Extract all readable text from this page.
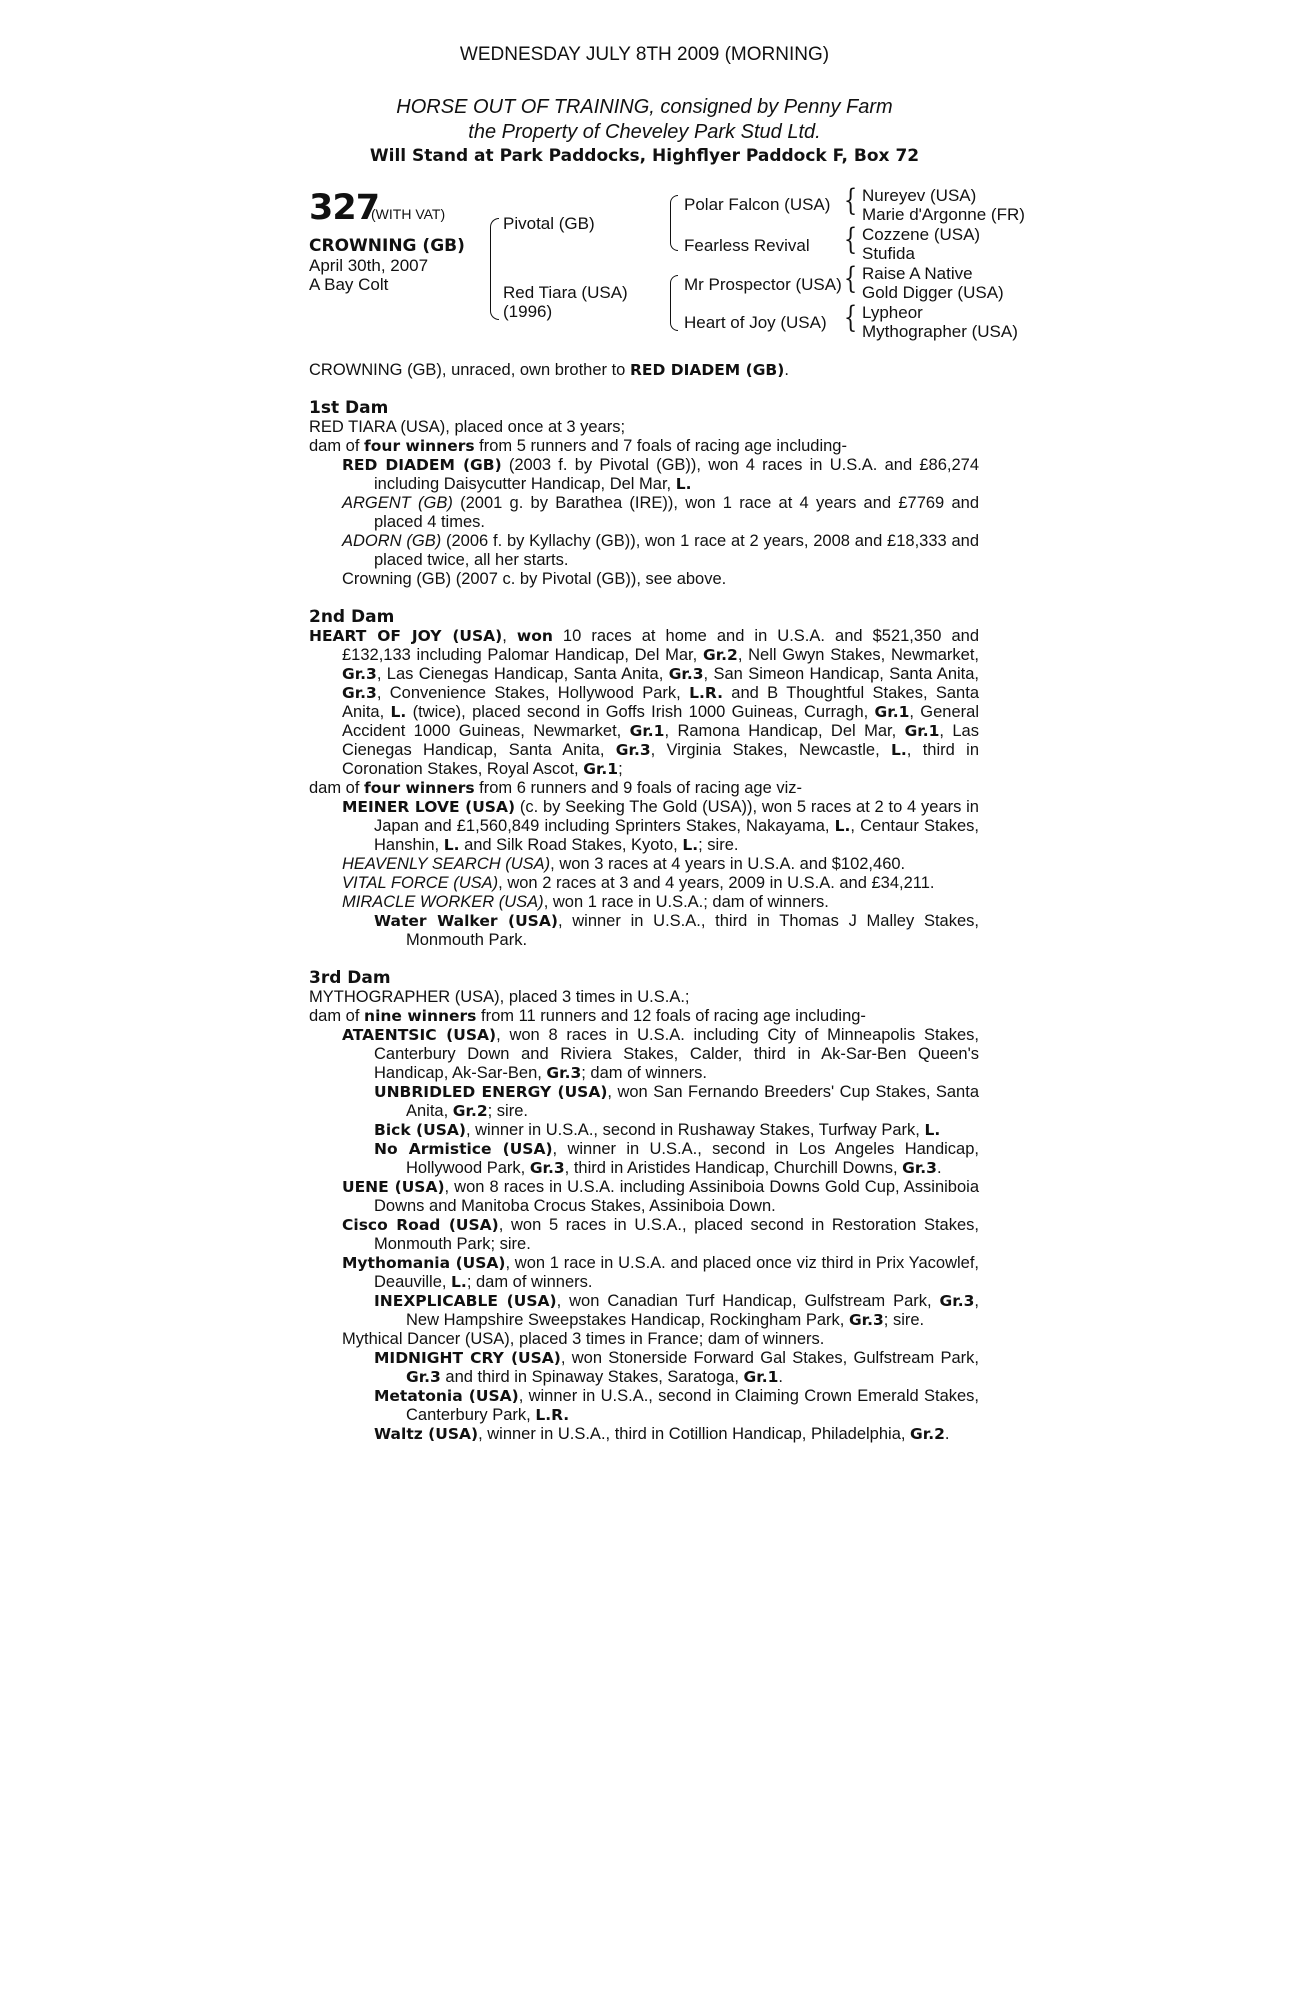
WEDNESDAY JULY 8TH 2009 (MORNING)
HORSE OUT OF TRAINING, consigned by Penny Farm
the Property of Cheveley Park Stud Ltd.
Will Stand at Park Paddocks, Highflyer Paddock F, Box 72
327
(WITH VAT)
CROWNING (GB)
April 30th, 2007
A Bay Colt
Pivotal (GB)
Red Tiara (USA)
(1996)
Polar Falcon (USA)
Fearless Revival
Mr Prospector (USA)
Heart of Joy (USA)
{
{
{
{
Nureyev (USA)
Marie d'Argonne (FR)
Cozzene (USA)
Stufida
Raise A Native
Gold Digger (USA)
Lypheor
Mythographer (USA)
CROWNING (GB), unraced, own brother to RED DIADEM (GB).
1st Dam
RED TIARA (USA), placed once at 3 years;
dam of four winners from 5 runners and 7 foals of racing age including-
RED DIADEM (GB) (2003 f. by Pivotal (GB)), won 4 races in U.S.A. and £86,274
including Daisycutter Handicap, Del Mar, L.
ARGENT (GB) (2001 g. by Barathea (IRE)), won 1 race at 4 years and £7769 and
placed 4 times.
ADORN (GB) (2006 f. by Kyllachy (GB)), won 1 race at 2 years, 2008 and £18,333 and
placed twice, all her starts.
Crowning (GB) (2007 c. by Pivotal (GB)), see above.
2nd Dam
HEART OF JOY (USA), won 10 races at home and in U.S.A. and $521,350 and
£132,133 including Palomar Handicap, Del Mar, Gr.2, Nell Gwyn Stakes, Newmarket,
Gr.3, Las Cienegas Handicap, Santa Anita, Gr.3, San Simeon Handicap, Santa Anita,
Gr.3, Convenience Stakes, Hollywood Park, L.R. and B Thoughtful Stakes, Santa
Anita, L. (twice), placed second in Goffs Irish 1000 Guineas, Curragh, Gr.1, General
Accident 1000 Guineas, Newmarket, Gr.1, Ramona Handicap, Del Mar, Gr.1, Las
Cienegas Handicap, Santa Anita, Gr.3, Virginia Stakes, Newcastle, L., third in
Coronation Stakes, Royal Ascot, Gr.1;
dam of four winners from 6 runners and 9 foals of racing age viz-
MEINER LOVE (USA) (c. by Seeking The Gold (USA)), won 5 races at 2 to 4 years in
Japan and £1,560,849 including Sprinters Stakes, Nakayama, L., Centaur Stakes,
Hanshin, L. and Silk Road Stakes, Kyoto, L.; sire.
HEAVENLY SEARCH (USA), won 3 races at 4 years in U.S.A. and $102,460.
VITAL FORCE (USA), won 2 races at 3 and 4 years, 2009 in U.S.A. and £34,211.
MIRACLE WORKER (USA), won 1 race in U.S.A.; dam of winners.
Water Walker (USA), winner in U.S.A., third in Thomas J Malley Stakes,
Monmouth Park.
3rd Dam
MYTHOGRAPHER (USA), placed 3 times in U.S.A.;
dam of nine winners from 11 runners and 12 foals of racing age including-
ATAENTSIC (USA), won 8 races in U.S.A. including City of Minneapolis Stakes,
Canterbury Down and Riviera Stakes, Calder, third in Ak-Sar-Ben Queen's
Handicap, Ak-Sar-Ben, Gr.3; dam of winners.
UNBRIDLED ENERGY (USA), won San Fernando Breeders' Cup Stakes, Santa
Anita, Gr.2; sire.
Bick (USA), winner in U.S.A., second in Rushaway Stakes, Turfway Park, L.
No Armistice (USA), winner in U.S.A., second in Los Angeles Handicap,
Hollywood Park, Gr.3, third in Aristides Handicap, Churchill Downs, Gr.3.
UENE (USA), won 8 races in U.S.A. including Assiniboia Downs Gold Cup, Assiniboia
Downs and Manitoba Crocus Stakes, Assiniboia Down.
Cisco Road (USA), won 5 races in U.S.A., placed second in Restoration Stakes,
Monmouth Park; sire.
Mythomania (USA), won 1 race in U.S.A. and placed once viz third in Prix Yacowlef,
Deauville, L.; dam of winners.
INEXPLICABLE (USA), won Canadian Turf Handicap, Gulfstream Park, Gr.3,
New Hampshire Sweepstakes Handicap, Rockingham Park, Gr.3; sire.
Mythical Dancer (USA), placed 3 times in France; dam of winners.
MIDNIGHT CRY (USA), won Stonerside Forward Gal Stakes, Gulfstream Park,
Gr.3 and third in Spinaway Stakes, Saratoga, Gr.1.
Metatonia (USA), winner in U.S.A., second in Claiming Crown Emerald Stakes,
Canterbury Park, L.R.
Waltz (USA), winner in U.S.A., third in Cotillion Handicap, Philadelphia, Gr.2.
